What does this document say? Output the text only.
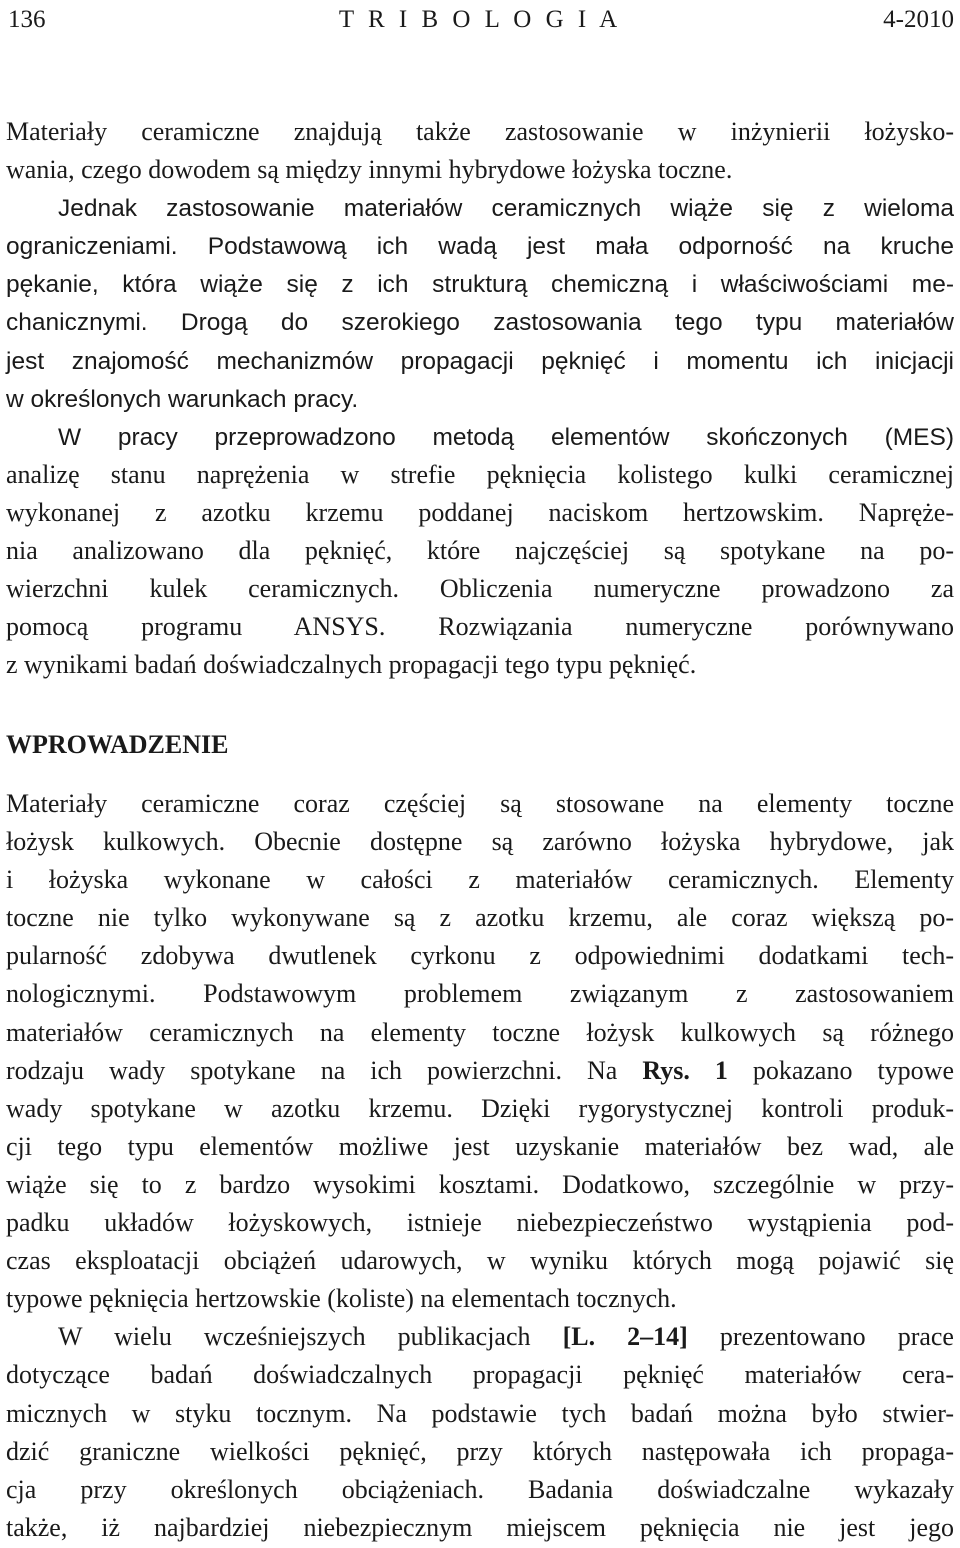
136	T R I B O L O G I A	4-2010

Materiały ceramiczne znajdują także zastosowanie w inżynierii łożysko-

wania, czego dowodem są między innymi hybrydowe łożyska toczne.

Jednak zastosowanie materiałów ceramicznych wiąże się z wieloma

ograniczeniami. Podstawową ich wadą jest mała odporność na kruche

pękanie, która wiąże się z ich strukturą chemiczną i właściwościami me-

chanicznymi. Drogą do szerokiego zastosowania tego typu materiałów

jest znajomość mechanizmów propagacji pęknięć i momentu ich inicjacji

w określonych warunkach pracy.

W pracy przeprowadzono metodą elementów skończonych (MES)

analizę stanu naprężenia w strefie pęknięcia kolistego kulki ceramicznej

wykonanej z azotku krzemu poddanej naciskom hertzowskim. Napręże-

nia analizowano dla pęknięć, które najczęściej są spotykane na po-

wierzchni kulek ceramicznych. Obliczenia numeryczne prowadzono za

pomocą programu ANSYS. Rozwiązania numeryczne porównywano

z wynikami badań doświadczalnych propagacji tego typu pęknięć.

WPROWADZENIE

Materiały ceramiczne coraz częściej są stosowane na elementy toczne

łożysk kulkowych. Obecnie dostępne są zarówno łożyska hybrydowe, jak

i łożyska wykonane w całości z materiałów ceramicznych. Elementy

toczne nie tylko wykonywane są z azotku krzemu, ale coraz większą po-

pularność zdobywa dwutlenek cyrkonu z odpowiednimi dodatkami tech-

nologicznymi. Podstawowym problemem związanym z zastosowaniem

materiałów ceramicznych na elementy toczne łożysk kulkowych są różnego

rodzaju wady spotykane na ich powierzchni. Na Rys. 1 pokazano typowe

wady spotykane w azotku krzemu. Dzięki rygorystycznej kontroli produk-

cji tego typu elementów możliwe jest uzyskanie materiałów bez wad, ale

wiąże się to z bardzo wysokimi kosztami. Dodatkowo, szczególnie w przy-

padku układów łożyskowych, istnieje niebezpieczeństwo wystąpienia pod-

czas eksploatacji obciążeń udarowych, w wyniku których mogą pojawić się

typowe pęknięcia hertzowskie (koliste) na elementach tocznych.

W wielu wcześniejszych publikacjach [L. 2–14] prezentowano prace

dotyczące badań doświadczalnych propagacji pęknięć materiałów cera-

micznych w styku tocznym. Na podstawie tych badań można było stwier-

dzić graniczne wielkości pęknięć, przy których następowała ich propaga-

cja przy określonych obciążeniach. Badania doświadczalne wykazały

także, iż najbardziej niebezpiecznym miejscem pęknięcia nie jest jego
